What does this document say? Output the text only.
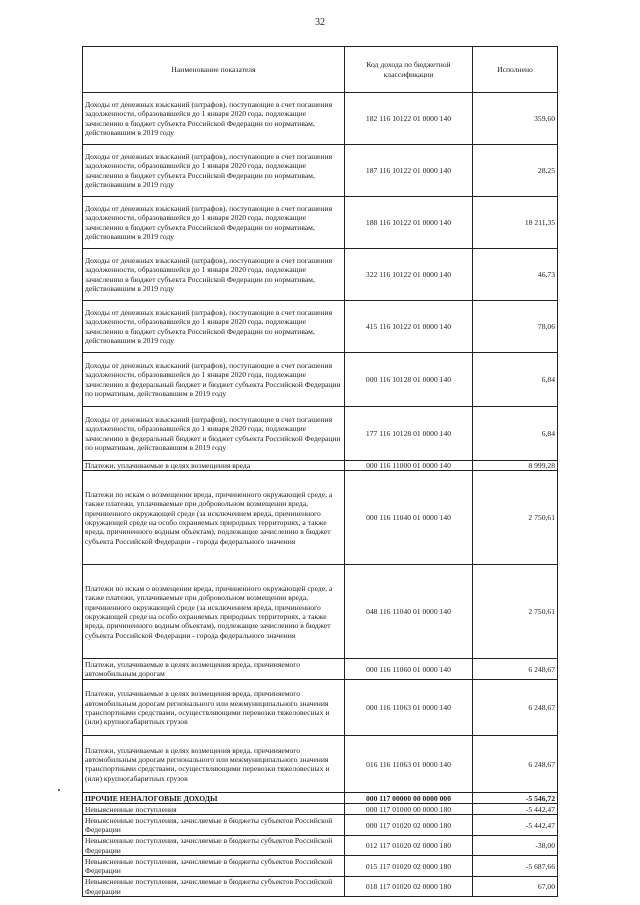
32
Наименование показателя	Код дохода по бюджетной классификации	Исполнено
Доходы от денежных взысканий (штрафов), поступающие в счет погашения задолженности, образовавшейся до 1 января 2020 года, подлежащие зачислению в бюджет субъекта Российской Федерации по нормативам, действовавшим в 2019 году	182 116 10122 01 0000 140	359,60
Доходы от денежных взысканий (штрафов), поступающие в счет погашения задолженности, образовавшейся до 1 января 2020 года, подлежащие зачислению в бюджет субъекта Российской Федерации по нормативам, действовавшим в 2019 году	187 116 10122 01 0000 140	28,25
Доходы от денежных взысканий (штрафов), поступающие в счет погашения задолженности, образовавшейся до 1 января 2020 года, подлежащие зачислению в бюджет субъекта Российской Федерации по нормативам, действовавшим в 2019 году	188 116 10122 01 0000 140	18 211,35
Доходы от денежных взысканий (штрафов), поступающие в счет погашения задолженности, образовавшейся до 1 января 2020 года, подлежащие зачислению в бюджет субъекта Российской Федерации по нормативам, действовавшим в 2019 году	322 116 10122 01 0000 140	46,73
Доходы от денежных взысканий (штрафов), поступающие в счет погашения задолженности, образовавшейся до 1 января 2020 года, подлежащие зачислению в бюджет субъекта Российской Федерации по нормативам, действовавшим в 2019 году	415 116 10122 01 0000 140	78,06
Доходы от денежных взысканий (штрафов), поступающие в счет погашения задолженности, образовавшейся до 1 января 2020 года, подлежащие зачислению в федеральный бюджет и бюджет субъекта Российской Федерации по нормативам, действовавшим в 2019 году	000 116 10128 01 0000 140	6,84
Доходы от денежных взысканий (штрафов), поступающие в счет погашения задолженности, образовавшейся до 1 января 2020 года, подлежащие зачислению в федеральный бюджет и бюджет субъекта Российской Федерации по нормативам, действовавшим в 2019 году	177 116 10128 01 0000 140	6,84
Платежи, уплачиваемые в целях возмещения вреда	000 116 11000 01 0000 140	8 999,28
Платежи по искам о возмещении вреда, причиненного окружающей среде, а также платежи, уплачиваемые при добровольном возмещении вреда, причиненного окружающей среде (за исключением вреда, причиненного окружающей среде на особо охраняемых природных территориях, а также вреда, причиненного водным объектам), подлежащие зачислению в бюджет субъекта Российской Федерации - города федерального значения	000 116 11040 01 0000 140	2 750,61
Платежи по искам о возмещении вреда, причиненного окружающей среде, а также платежи, уплачиваемые при добровольном возмещении вреда, причиненного окружающей среде (за исключением вреда, причиненного окружающей среде на особо охраняемых природных территориях, а также вреда, причиненного водным объектам), подлежащие зачислению в бюджет субъекта Российской Федерации - города федерального значения	048 116 11040 01 0000 140	2 750,61
Платежи, уплачиваемые в целях возмещения вреда, причиняемого автомобильным дорогам	000 116 11060 01 0000 140	6 248,67
Платежи, уплачиваемые в целях возмещения вреда, причиняемого автомобильным дорогам регионального или межмуниципального значения транспортными средствами, осуществляющими перевозки тяжеловесных и (или) крупногабаритных грузов	000 116 11063 01 0000 140	6 248,67
Платежи, уплачиваемые в целях возмещения вреда, причиняемого автомобильным дорогам регионального или межмуниципального значения транспортными средствами, осуществляющими перевозки тяжеловесных и (или) крупногабаритных грузов	016 116 11063 01 0000 140	6 248,67
ПРОЧИЕ НЕНАЛОГОВЫЕ ДОХОДЫ	000 117 00000 00 0000 000	-5 546,72
Невыясненные поступления	000 117 01000 00 0000 180	-5 442,47
Невыясненные поступления, зачисляемые в бюджеты субъектов Российской Федерации	000 117 01020 02 0000 180	-5 442,47
Невыясненные поступления, зачисляемые в бюджеты субъектов Российской Федерации	012 117 01020 02 0000 180	-38,00
Невыясненные поступления, зачисляемые в бюджеты субъектов Российской Федерации	015 117 01020 02 0000 180	-5 687,66
Невыясненные поступления, зачисляемые в бюджеты субъектов Российской Федерации	018 117 01020 02 0000 180	67,00
